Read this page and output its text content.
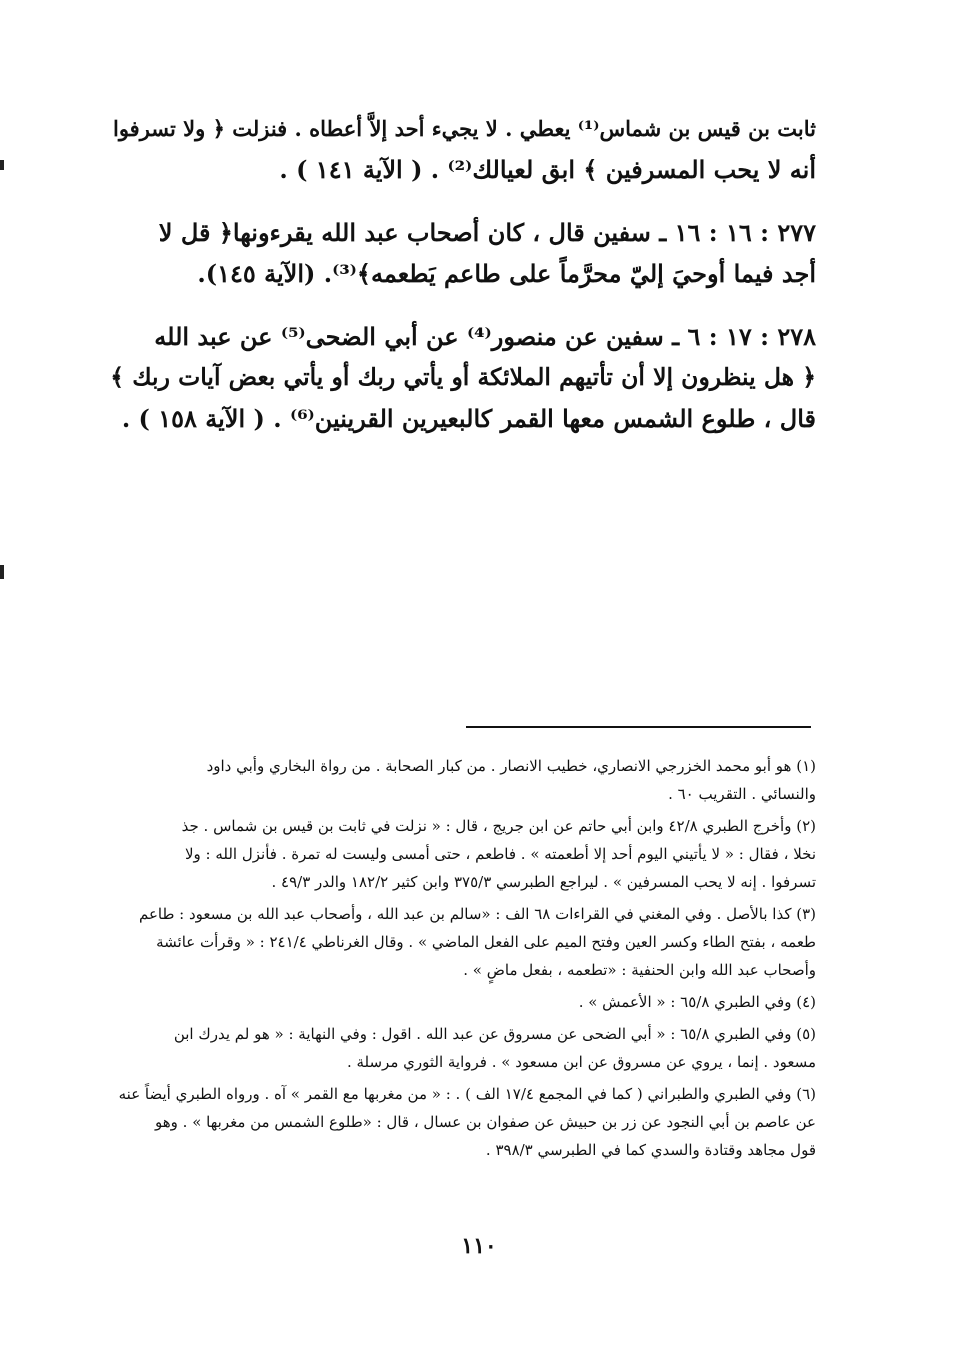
ثابت بن قيس بن شماس⁽¹⁾ يعطي . لا يجيء أحد إلاَّ أعطاه . فنزلت ﴿ ولا تسرفوا
أنه لا يحب المسرفين ﴾ ابق لعيالك⁽²⁾ . ( الآية ١٤١ ) .
٢٧٧ : ١٦ : ١٦ ـ سفين قال ، كان أصحاب عبد الله يقرءونها﴿ قل لا
أجد فيما أوحيَ إليّ محرَّماً على طاعم يَطعمه﴾⁽³⁾. (الآية ١٤٥).
٢٧٨ : ١٧ : ٦ ـ سفين عن منصور⁽⁴⁾ عن أبي الضحى⁽⁵⁾ عن عبد الله
﴿ هل ينظرون إلا أن تأتيهم الملائكة أو يأتي ربك أو يأتي بعض آيات ربك ﴾
قال ، طلوع الشمس معها القمر كالبعيرين القرينين⁽⁶⁾ . ( الآية ١٥٨ ) .
(١) هو أبو محمد الخزرجي الانصاري، خطيب الانصار . من كبار الصحابة . من رواة البخاري وأبي داود
والنسائي . التقريب ٦٠ .
(٢) وأخرج الطبري ٤٢/٨ وابن أبي حاتم عن ابن جريج ، قال : « نزلت في ثابت بن قيس بن شماس . جذ
نخلا ، فقال : « لا يأتيني اليوم أحد إلا أطعمته » . فاطعم ، حتى أمسى وليست له تمرة . فأنزل الله : ولا
تسرفوا . إنه لا يحب المسرفين » . ليراجع الطبرسي ٣٧٥/٣ وابن كثير ١٨٢/٢ والدر ٤٩/٣ .
(٣) كذا بالأصل . وفي المغني في القراءات ٦٨ الف : «سالم بن عبد الله ، وأصحاب عبد الله بن مسعود : طاعم
طعمه ، بفتح الطاء وكسر العين وفتح الميم على الفعل الماضي » . وقال الغرناطي ٢٤١/٤ : « وقرأت عائشة
وأصحاب عبد الله وابن الحنفية : «تطعمه ، بفعل ماضٍ » .
(٤) وفي الطبري ٦٥/٨ : « الأعمش » .
(٥) وفي الطبري ٦٥/٨ : « أبي الضحى عن مسروق عن عبد الله . اقول : وفي النهاية : « هو لم يدرك ابن
مسعود . إنما ، يروي عن مسروق عن ابن مسعود » . فرواية الثوري مرسلة .
(٦) وفي الطبري والطبراني ( كما في المجمع ١٧/٤ الف ) . : « من مغربها مع القمر » آه . ورواه الطبري أيضاً عنه
عن عاصم بن أبي النجود عن زر بن حبيش عن صفوان بن عسال ، قال : «طلوع الشمس من مغربها » . وهو
قول مجاهد وقتادة والسدي كما في الطبرسي ٣٩٨/٣ .
١١٠
